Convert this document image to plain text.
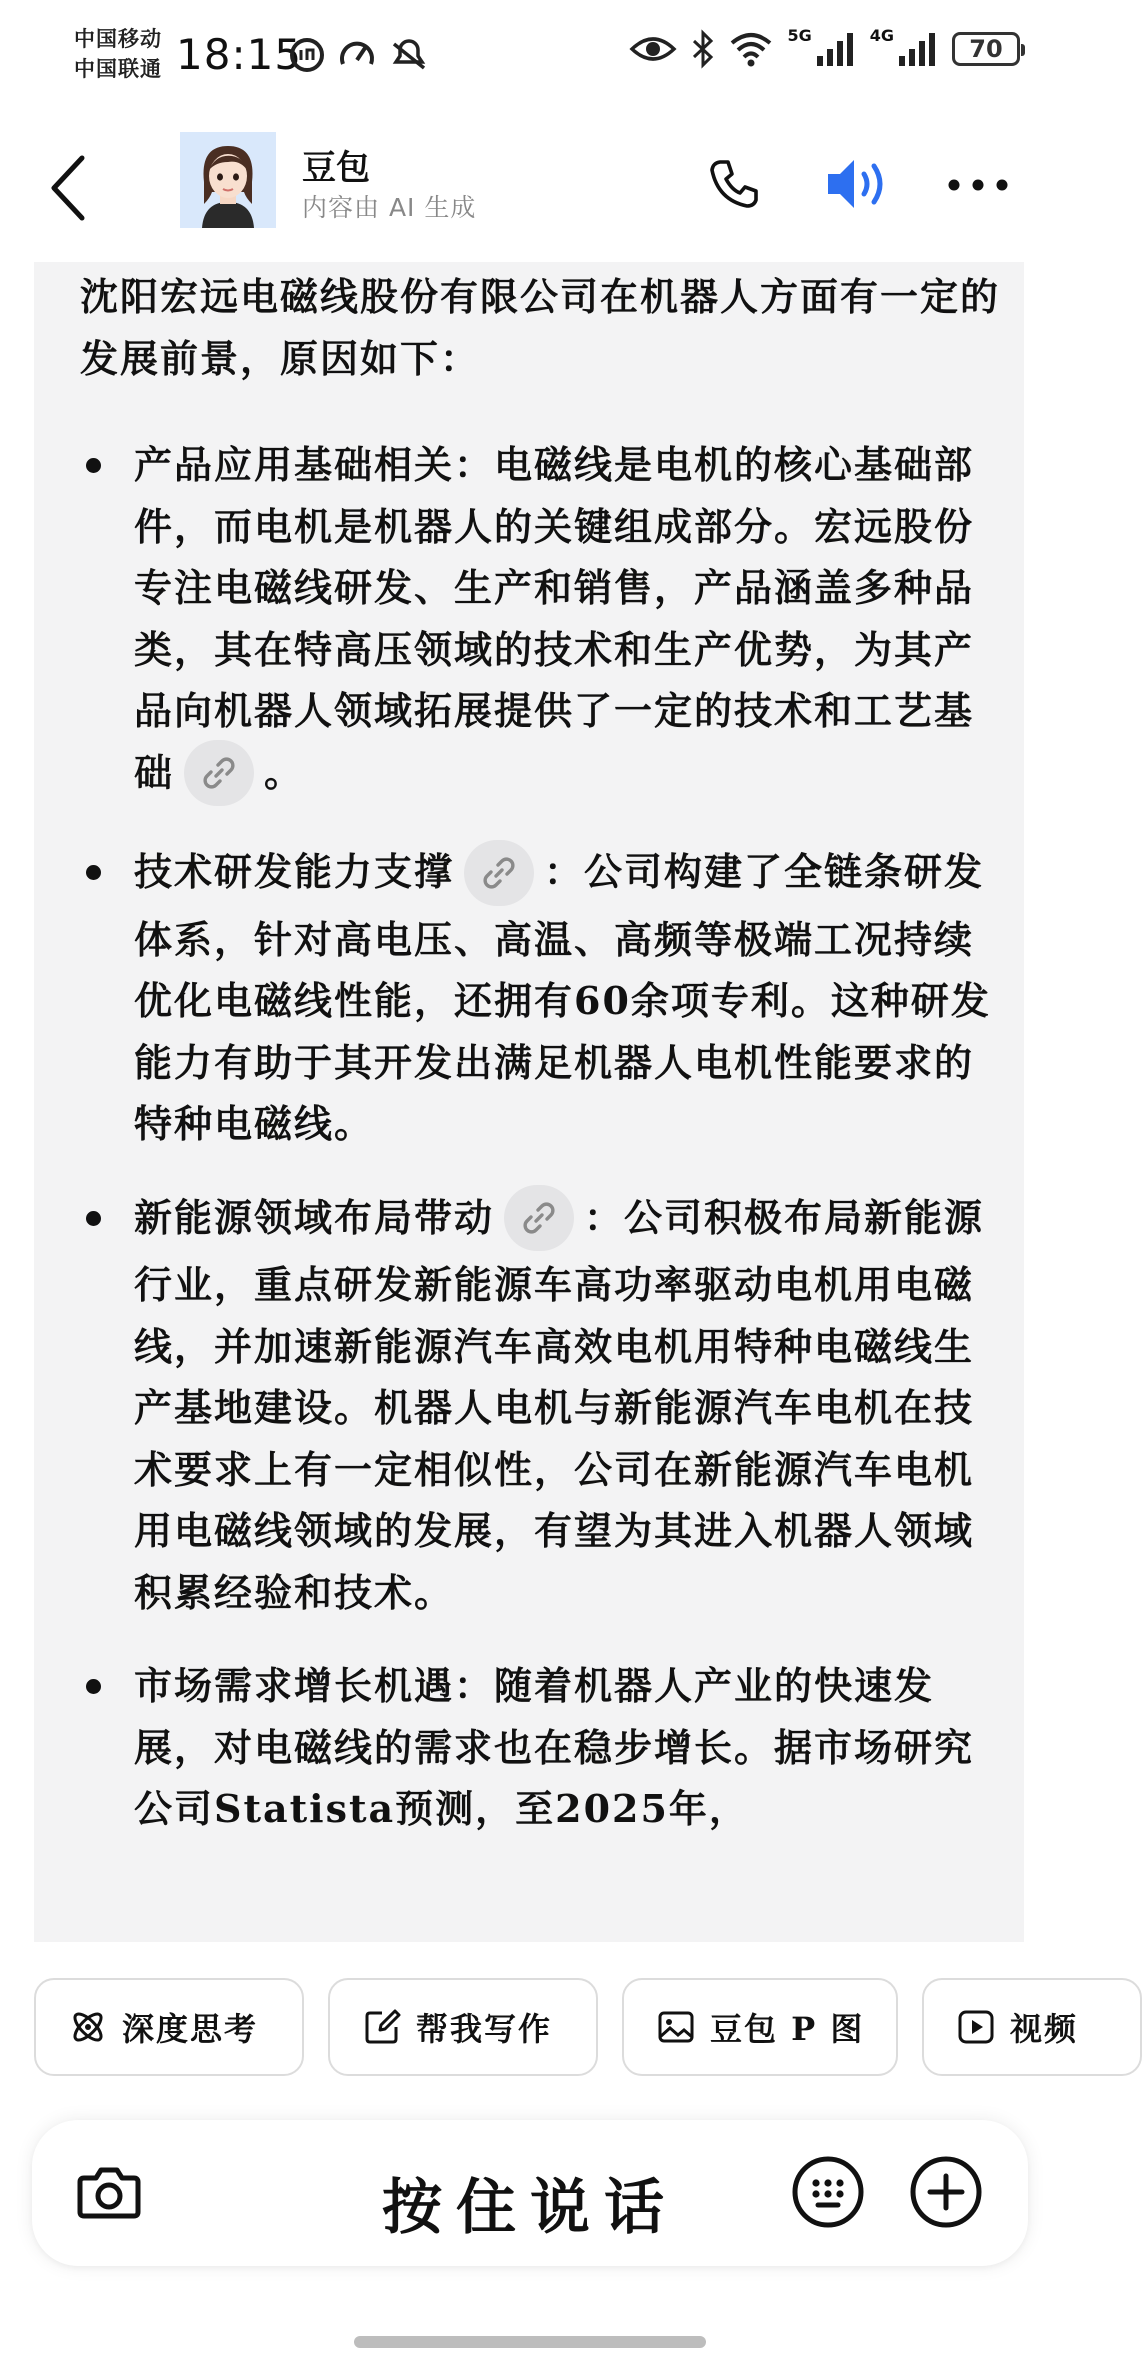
中国移动
中国联通 18:15	5G	4G	70
豆包
内容由 AI 生成

沈阳宏远电磁线股份有限公司在机器人方面有一定的发展前景，原因如下：

产品应用基础相关：电磁线是电机的核心基础部件，而电机是机器人的关键组成部分。宏远股份专注电磁线研发、生产和销售，产品涵盖多种品类，其在特高压领域的技术和生产优势，为其产品向机器人领域拓展提供了一定的技术和工艺基础 。
技术研发能力支撑 ：公司构建了全链条研发体系，针对高电压、高温、高频等极端工况持续优化电磁线性能，还拥有60余项专利。这种研发能力有助于其开发出满足机器人电机性能要求的特种电磁线。
新能源领域布局带动 ：公司积极布局新能源行业，重点研发新能源车高功率驱动电机用电磁线，并加速新能源汽车高效电机用特种电磁线生产基地建设。机器人电机与新能源汽车电机在技术要求上有一定相似性，公司在新能源汽车电机用电磁线领域的发展，有望为其进入机器人领域积累经验和技术。
市场需求增长机遇：随着机器人产业的快速发展，对电磁线的需求也在稳步增长。据市场研究公司Statista预测，至2025年，
深度思考	帮我写作	豆包 P 图	视频
按住说话
